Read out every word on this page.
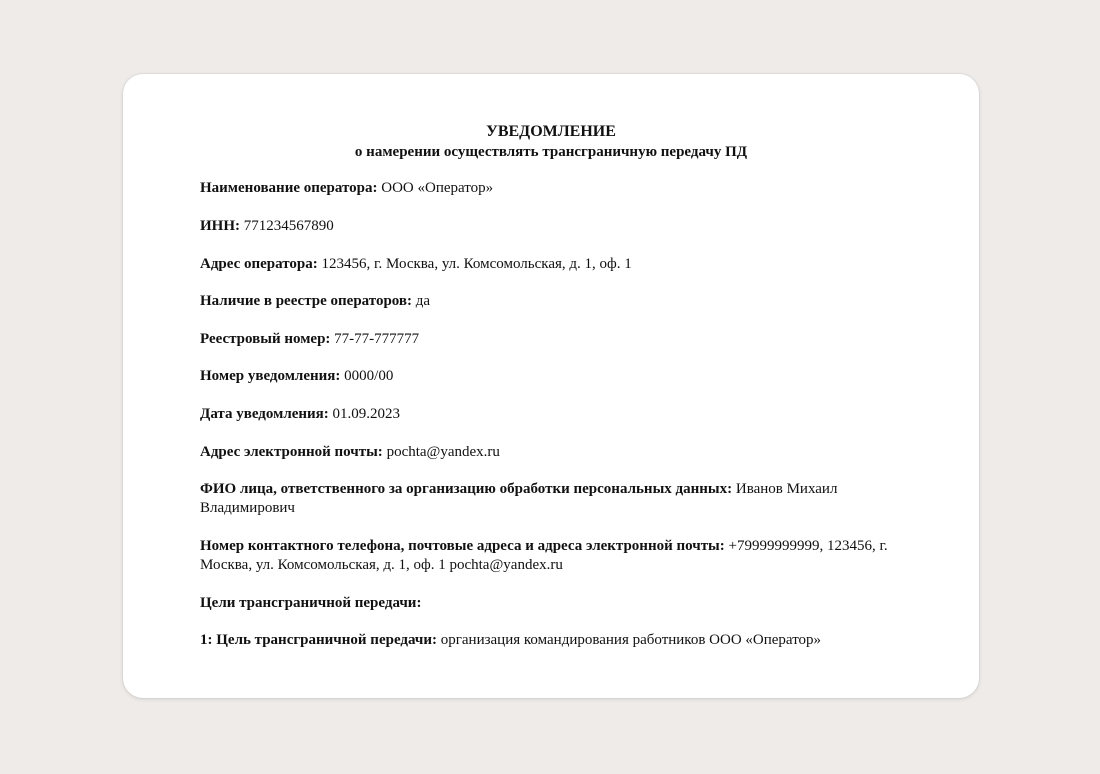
УВЕДОМЛЕНИЕ
о намерении осуществлять трансграничную передачу ПД
Наименование оператора: ООО «Оператор»
ИНН: 771234567890
Адрес оператора: 123456, г. Москва, ул. Комсомольская, д. 1, оф. 1
Наличие в реестре операторов: да
Реестровый номер: 77-77-777777
Номер уведомления: 0000/00
Дата уведомления: 01.09.2023
Адрес электронной почты: pochta@yandex.ru
ФИО лица, ответственного за организацию обработки персональных данных: Иванов Михаил Владимирович
Номер контактного телефона, почтовые адреса и адреса электронной почты: +79999999999, 123456, г. Москва, ул. Комсомольская, д. 1, оф. 1 pochta@yandex.ru
Цели трансграничной передачи:
1: Цель трансграничной передачи: организация командирования работников ООО «Оператор»
